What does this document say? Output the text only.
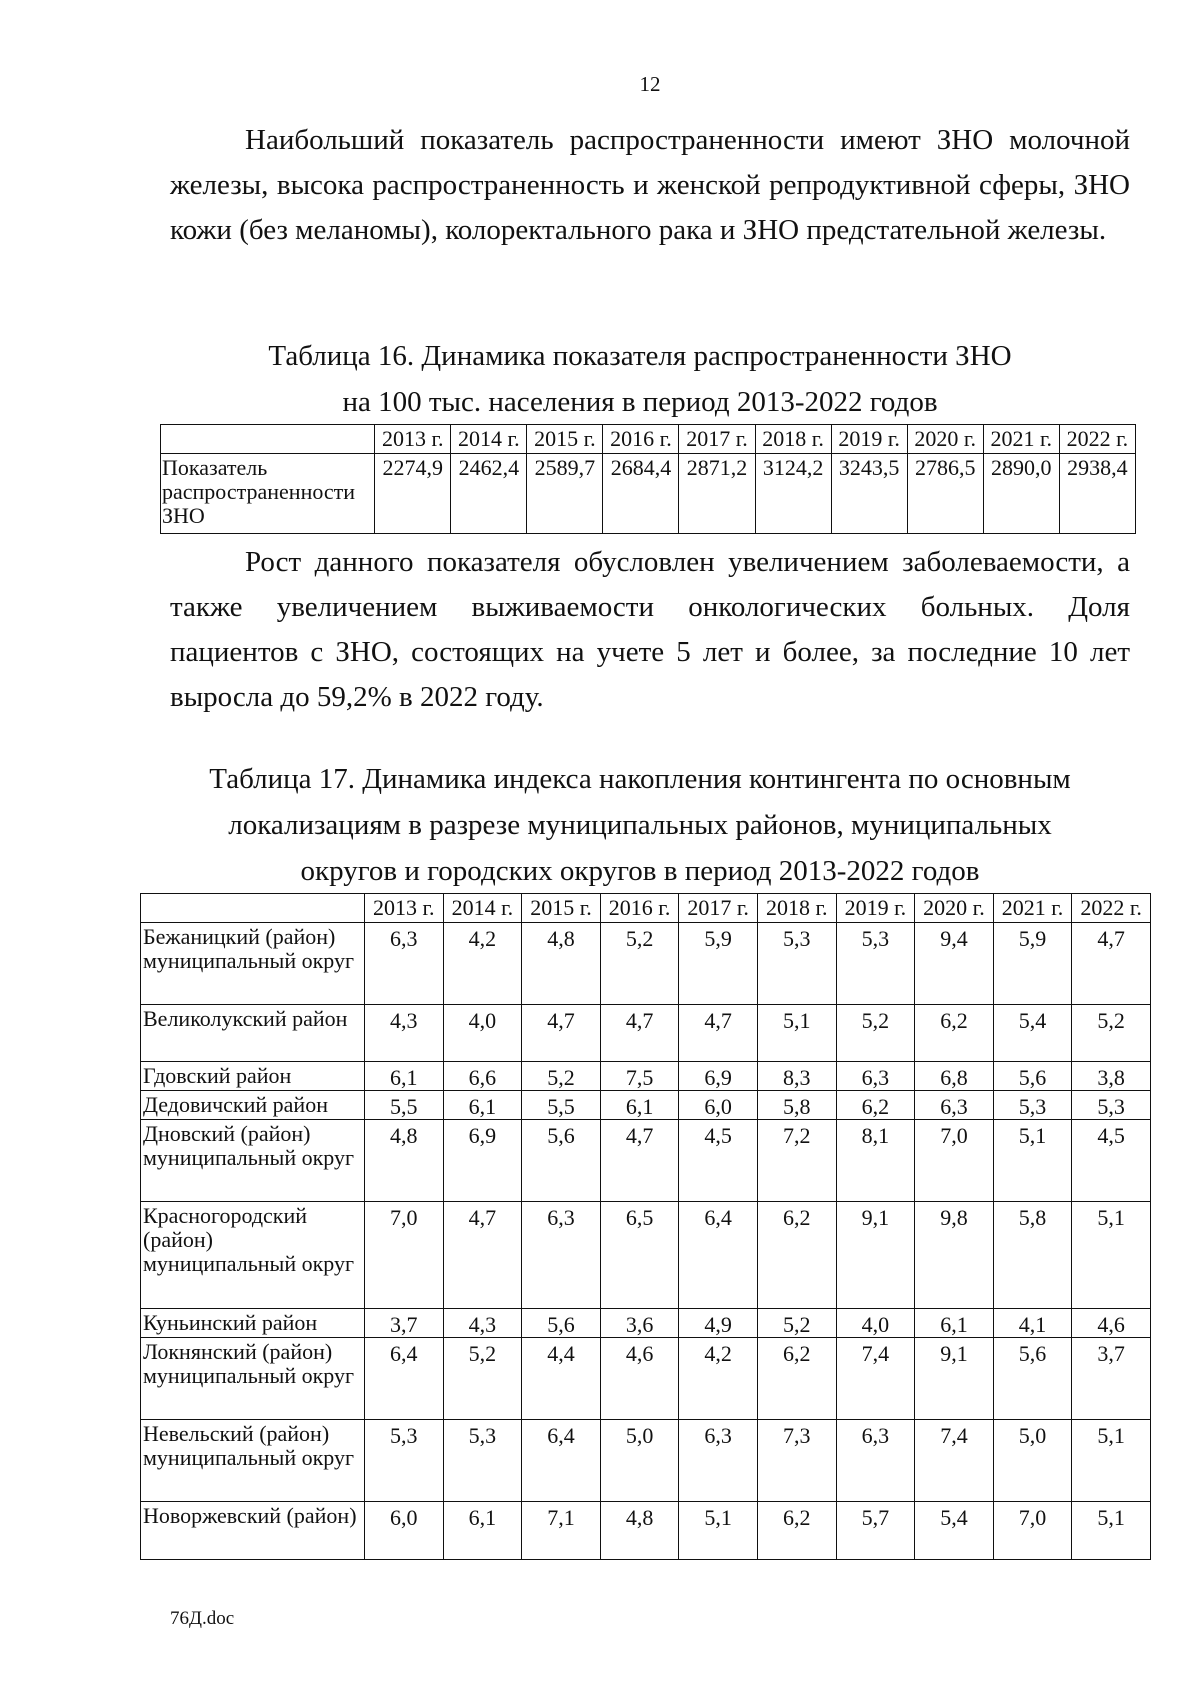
12

Наибольший показатель распространенности имеют ЗНО молочной железы, высока распространенность и женской репродуктивной сферы, ЗНО кожи (без меланомы), колоректального рака и ЗНО предстательной железы.

Таблица 16. Динамика показателя распространенности ЗНО
на 100 тыс. населения в период 2013-2022 годов
	2013 г.	2014 г.	2015 г.	2016 г.	2017 г.	2018 г.	2019 г.	2020 г.	2021 г.	2022 г.
Показатель распространенности ЗНО	2274,9	2462,4	2589,7	2684,4	2871,2	3124,2	3243,5	2786,5	2890,0	2938,4

Рост данного показателя обусловлен увеличением заболеваемости, а также увеличением выживаемости онкологических больных. Доля пациентов с ЗНО, состоящих на учете 5 лет и более, за последние 10 лет выросла до 59,2% в 2022 году.

Таблица 17. Динамика индекса накопления контингента по основным
локализациям в разрезе муниципальных районов, муниципальных
округов и городских округов в период 2013-2022 годов
	2013 г.	2014 г.	2015 г.	2016 г.	2017 г.	2018 г.	2019 г.	2020 г.	2021 г.	2022 г.
Бежаницкий (район) муниципальный округ	6,3	4,2	4,8	5,2	5,9	5,3	5,3	9,4	5,9	4,7
Великолукский район	4,3	4,0	4,7	4,7	4,7	5,1	5,2	6,2	5,4	5,2
Гдовский район	6,1	6,6	5,2	7,5	6,9	8,3	6,3	6,8	5,6	3,8
Дедовичский район	5,5	6,1	5,5	6,1	6,0	5,8	6,2	6,3	5,3	5,3
Дновский (район) муниципальный округ	4,8	6,9	5,6	4,7	4,5	7,2	8,1	7,0	5,1	4,5
Красногородский (район) муниципальный округ	7,0	4,7	6,3	6,5	6,4	6,2	9,1	9,8	5,8	5,1
Куньинский район	3,7	4,3	5,6	3,6	4,9	5,2	4,0	6,1	4,1	4,6
Локнянский (район) муниципальный округ	6,4	5,2	4,4	4,6	4,2	6,2	7,4	9,1	5,6	3,7
Невельский (район) муниципальный округ	5,3	5,3	6,4	5,0	6,3	7,3	6,3	7,4	5,0	5,1
Новоржевский (район)	6,0	6,1	7,1	4,8	5,1	6,2	5,7	5,4	7,0	5,1
76Д.doc
